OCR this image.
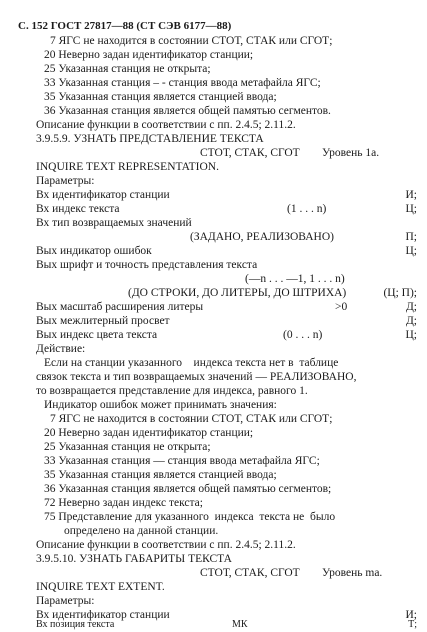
С. 152 ГОСТ 27817—88 (СТ СЭВ 6177—88)
7 ЯГС не находится в состоянии СТОТ, СТАК или СГОТ;
20 Неверно задан идентификатор станции;
25 Указанная станция не открыта;
33 Указанная станция – - станция ввода метафайла ЯГС;
35 Указанная станция является станцией ввода;
36 Указанная станция является общей памятью сегментов.
Описание функции в соответствии с пп. 2.4.5; 2.11.2.
3.9.5.9. УЗНАТЬ ПРЕДСТАВЛЕНИЕ ТЕКСТА
СТОТ, СТАК, СГОТ Уровень 1а.
INQUIRE TEXT REPRESENTATION.
Параметры:
Вх идентификатор станции	И;
Вх индекс текста	(1 . . . n)	Ц;
Вх тип возвращаемых значений
(ЗАДАНО, РЕАЛИЗОВАНО)	П;
Вых индикатор ошибок	Ц;
Вых шрифт и точность представления текста
(—n . . . —1, 1 . . . n)
(ДО СТРОКИ, ДО ЛИТЕРЫ, ДО ШТРИХА)	(Ц; П);
Вых масштаб расширения литеры	>0	Д;
Вых межлитерный просвет	Д;
Вых индекс цвета текста	(0 . . . n)	Ц;
Действие:
Если на станции указанного    индекса текста нет в  таблице
связок текста и тип возвращаемых значений — РЕАЛИЗОВАНО,
то возвращается представление для индекса, равного 1.
Индикатор ошибок может принимать значения:
7 ЯГС не находится в состоянии СТОТ, СТАК или СГОТ;
20 Неверно задан идентификатор станции;
25 Указанная станция не открыта;
33 Указанная станция — станция ввода метафайла ЯГС;
35 Указанная станция является станцией ввода;
36 Указанная станция является общей памятью сегментов;
72 Неверно задан индекс текста;
75 Представление для указанного  индекса  текста не  было
определено на данной станции.
Описание функции в соответствии с пп. 2.4.5; 2.11.2.
3.9.5.10. УЗНАТЬ ГАБАРИТЫ ТЕКСТА
СТОТ, СТАК, СГОТ Уровень mа.
INQUIRE TEXT EXTENT.
Параметры:
Вх идентификатор станции	И;
Вх позиция текста	МК	Т;
